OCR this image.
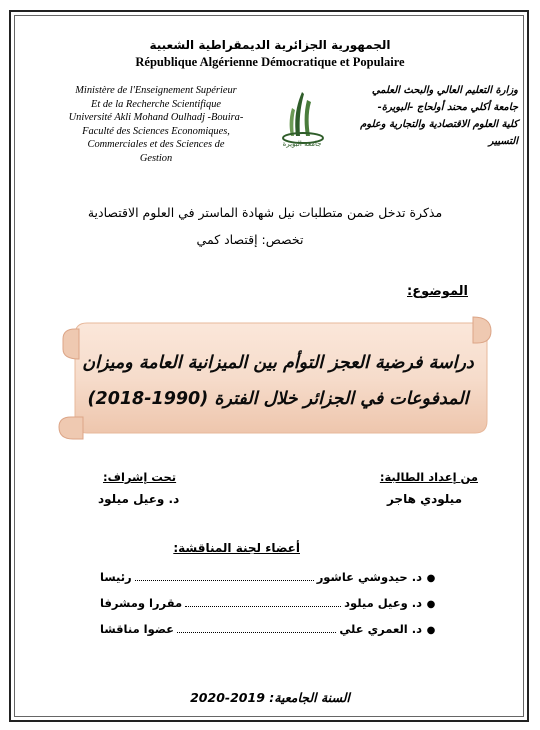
الجمهورية الجزائرية الديمقراطية الشعبية
République Algérienne Démocratique et Populaire
Ministère de l'Enseignement Supérieur
Et de la Recherche Scientifique
Université Akli Mohand Oulhadj -Bouira-
Faculté des Sciences Economiques,
Commerciales et des Sciences de
Gestion
جامعة البويرة
وزارة التعليم العالي والبحث العلمي
جامعة أكلي محند أولحاج -البويرة-
كلية العلوم الاقتصادية والتجارية وعلوم
التسيير
مذكرة تدخل ضمن متطلبات نيل شهادة الماستر في العلوم الاقتصادية
تخصص: إقتصاد كمي
الموضوع:
دراسة فرضية العجز التوأم بين الميزانية العامة وميزان
المدفوعات في الجزائر خلال الفترة (1990-2018)
من إعداد الطالبة:
تحت إشراف:
ميلودي هاجر
د. وعيل ميلود
أعضاء لجنة المناقشة:
●
د. حيدوشي عاشور
رئيسا
●
د. وعيل ميلود
مقررا ومشرفا
●
د. العمري علي
عضوا مناقشا
السنة الجامعية: 2019-2020
